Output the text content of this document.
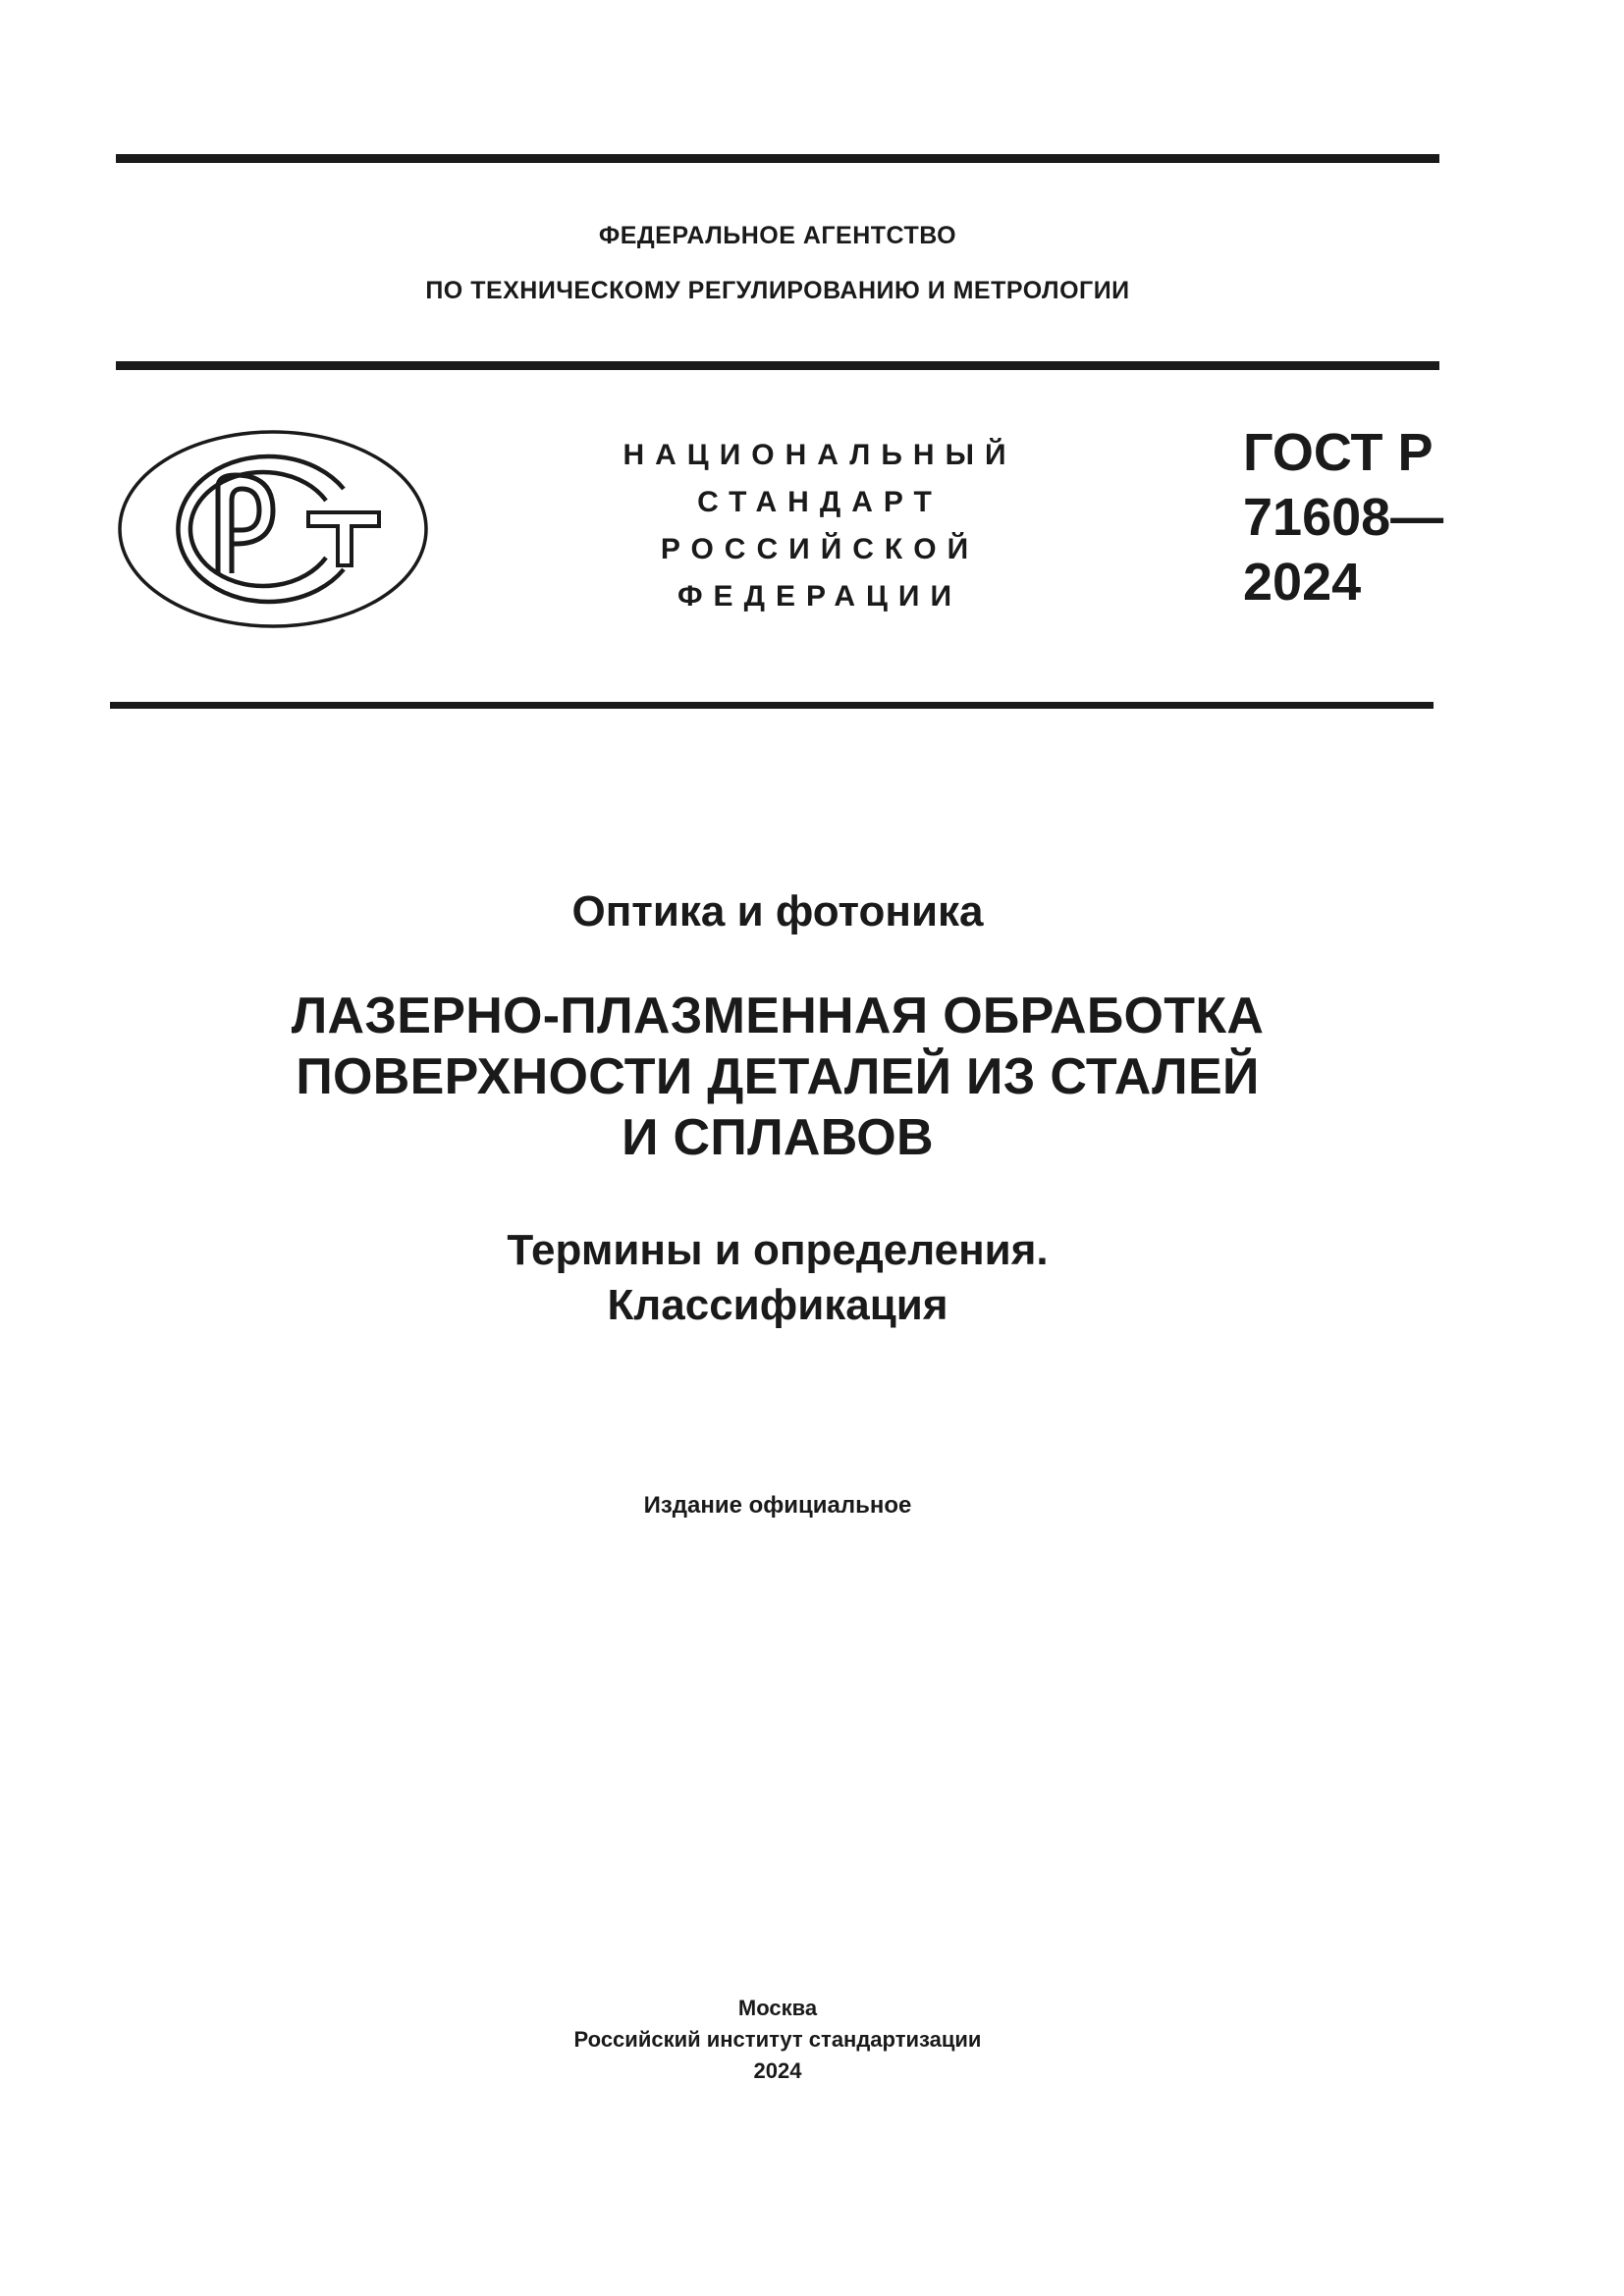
ФЕДЕРАЛЬНОЕ АГЕНТСТВО
ПО ТЕХНИЧЕСКОМУ РЕГУЛИРОВАНИЮ И МЕТРОЛОГИИ
НАЦИОНАЛЬНЫЙ
СТАНДАРТ
РОССИЙСКОЙ
ФЕДЕРАЦИИ
ГОСТ Р
71608—
2024
Оптика и фотоника
ЛАЗЕРНО-ПЛАЗМЕННАЯ ОБРАБОТКА
ПОВЕРХНОСТИ ДЕТАЛЕЙ ИЗ СТАЛЕЙ
И СПЛАВОВ
Термины и определения.
Классификация
Издание официальное
Москва
Российский институт стандартизации
2024
